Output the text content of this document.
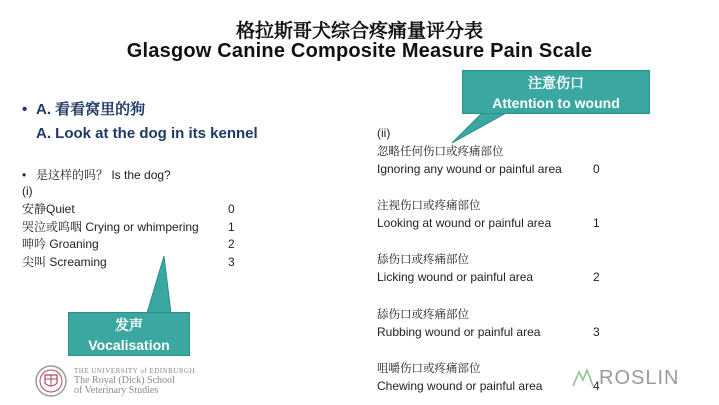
格拉斯哥犬综合疼痛量评分表
Glasgow Canine Composite Measure Pain Scale
• A. 看看窝里的狗
A. Look at the dog in its kennel
• 是这样的吗？ Is the dog?
(i)
安静Quiet	0
哭泣或呜咽 Crying or whimpering 1
呻吟 Groaning	2
尖叫 Screaming	3
(ii)
忽略任何伤口或疼痛部位
Ignoring any wound or painful area	0
注视伤口或疼痛部位
Looking at wound or painful area	1
舔伤口或疼痛部位
Licking wound or painful area	2
舔伤口或疼痛部位
Rubbing wound or painful area	3
咀嚼伤口或疼痛部位
Chewing wound or painful area	4
注意伤口
Attention to wound
发声
Vocalisation
THE UNIVERSITY of EDINBURGH
The Royal (Dick) School
of Veterinary Studies
ROSLIN
